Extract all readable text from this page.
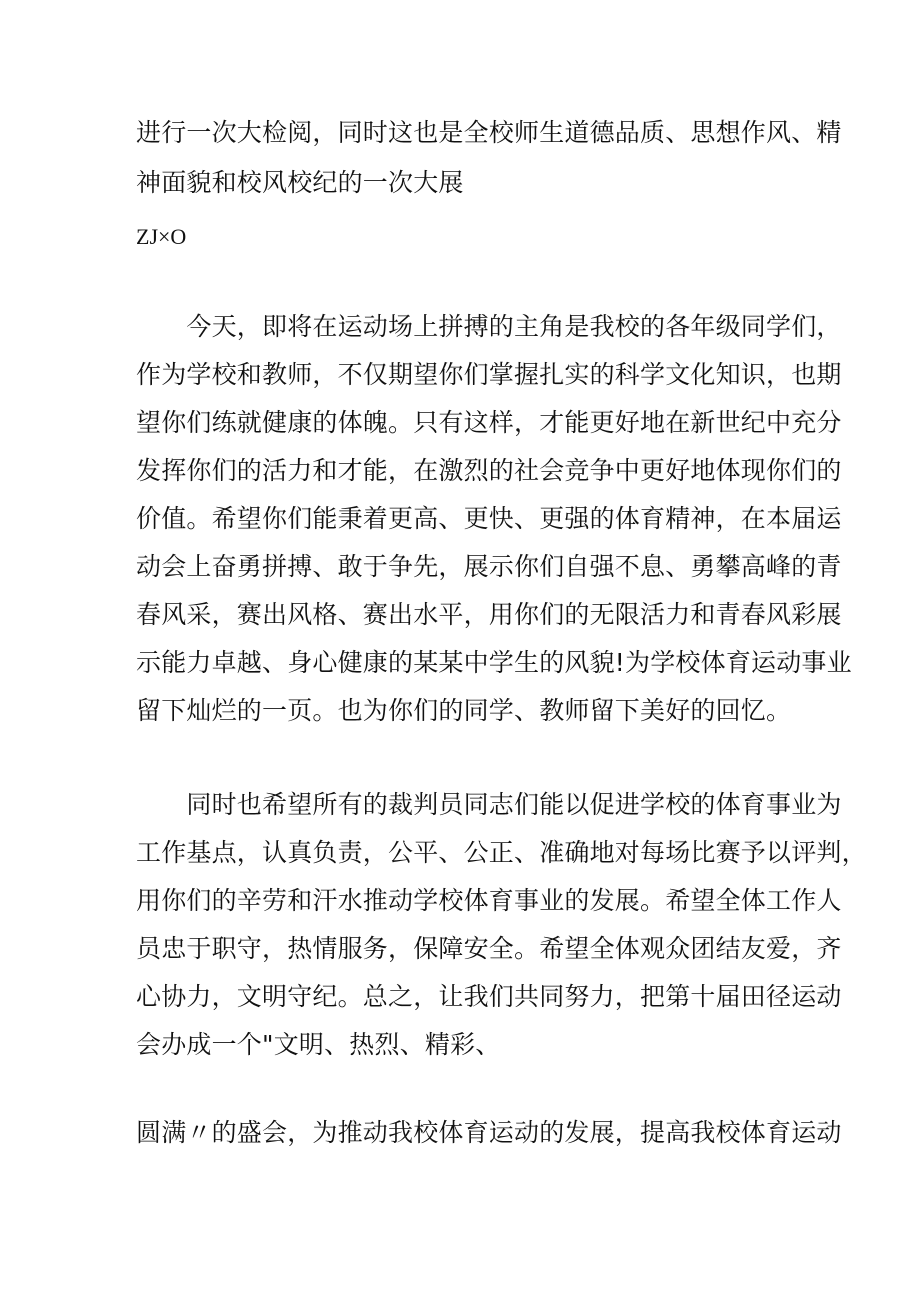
进行一次大检阅，同时这也是全校师生道德品质、思想作风、精
神面貌和校风校纪的一次大展
ZJ×O
　　今天，即将在运动场上拼搏的主角是我校的各年级同学们，
作为学校和教师，不仅期望你们掌握扎实的科学文化知识，也期
望你们练就健康的体魄。只有这样，才能更好地在新世纪中充分
发挥你们的活力和才能，在激烈的社会竞争中更好地体现你们的
价值。希望你们能秉着更高、更快、更强的体育精神，在本届运
动会上奋勇拼搏、敢于争先，展示你们自强不息、勇攀高峰的青
春风采，赛出风格、赛出水平，用你们的无限活力和青春风彩展
示能力卓越、身心健康的某某中学生的风貌!为学校体育运动事业
留下灿烂的一页。也为你们的同学、教师留下美好的回忆。
　　同时也希望所有的裁判员同志们能以促进学校的体育事业为
工作基点，认真负责，公平、公正、准确地对每场比赛予以评判，
用你们的辛劳和汗水推动学校体育事业的发展。希望全体工作人
员忠于职守，热情服务，保障安全。希望全体观众团结友爱，齐
心协力，文明守纪。总之，让我们共同努力，把第十届田径运动
会办成一个"文明、热烈、精彩、
圆满〃的盛会，为推动我校体育运动的发展，提高我校体育运动
